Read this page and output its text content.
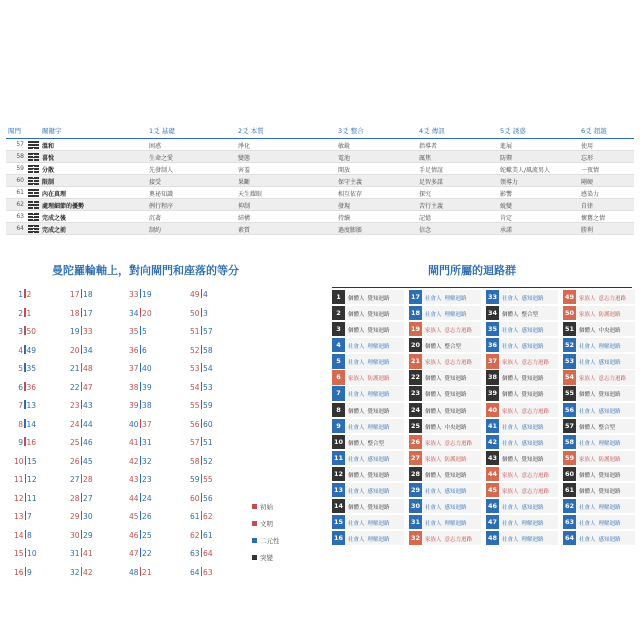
閘門	關鍵字	1爻 基礎	2爻 本質	3爻 整合	4爻 傳訊	5爻 誘惑	6爻 超越
57	溫和	困惑	淨化	敏銳	指導者	進展	使用
58	喜悅	生命之愛	變態	電池	厲焦	防禦	忘形
59	分散	先發制人	害羞	開放	手足情誼	蛇蠍美人/風流男人	一夜情
60	限制	接受	果斷	保守主義	足智多謀	領導力	剛硬
61	內在真理	奧祕知識	天生耀眼	相互依存	探究	影響	感染力
62	處理細節的優勢	例行程序	抑制	發現	苦行主義	蛻變	自律
63	完成之後	沉著	結構	持續	記憶	肯定	懷舊之情
64	完成之前	制約	素質	過度膨脹	信念	承諾	勝利
曼陀羅輪軸上，對向閘門和座落的等分
1 2
2 1
3 50
4 49
5 35
6 36
7 13
8 14
9 16
10 15
11 12
12 11
13 7
14 8
15 10
16 9
17 18
18 17
19 33
20 34
21 48
22 47
23 43
24 44
25 46
26 45
27 28
28 27
29 30
30 29
31 41
32 42
33 19
34 20
35 5
36 6
37 40
38 39
39 38
40 37
41 31
42 32
43 23
44 24
45 26
46 25
47 22
48 21
49 4
50 3
51 57
52 58
53 54
54 53
55 59
56 60
57 51
58 52
59 55
60 56
61 62
62 61
63 64
64 63
初始
文明
二元性
突變
閘門所屬的迴路群
1	個體人 覺知迴路
2	個體人 覺知迴路
3	個體人 覺知迴路
4	社會人 理解迴路
5	社會人 理解迴路
6	家族人 防護迴路
7	社會人 理解迴路
8	個體人 覺知迴路
9	社會人 理解迴路
10 個體人 整合型
11 社會人 感知迴路
12 個體人 覺知迴路
13 社會人 感知迴路
14 個體人 覺知迴路
15 社會人 理解迴路
16 社會人 理解迴路
17 社會人 理解迴路
18 社會人 理解迴路
19 家族人 意志力迴路
20 個體人 整合型
21 家族人 意志力迴路
22 個體人 覺知迴路
23 個體人 覺知迴路
24 個體人 覺知迴路
25 個體人 中央迴路
26 家族人 意志力迴路
27 家族人 防護迴路
28 個體人 覺知迴路
29 社會人 感知迴路
30 社會人 感知迴路
31 社會人 理解迴路
32 家族人 意志力迴路
33 社會人 感知迴路
34 個體人 整合型
35 社會人 感知迴路
36 社會人 感知迴路
37 家族人 意志力迴路
38 個體人 覺知迴路
39 個體人 覺知迴路
40 家族人 意志力迴路
41 社會人 感知迴路
42 社會人 感知迴路
43 個體人 覺知迴路
44 家族人 意志力迴路
45 家族人 意志力迴路
46 社會人 感知迴路
47 社會人 理解迴路
48 社會人 理解迴路
49 家族人 意志力迴路
50 家族人 防護迴路
51 個體人 中央迴路
52 社會人 理解迴路
53 社會人 感知迴路
54 家族人 意志力迴路
55 個體人 覺知迴路
56 社會人 感知迴路
57 個體人 整合型
58 社會人 理解迴路
59 家族人 防護迴路
60 個體人 覺知迴路
61 個體人 覺知迴路
62 社會人 理解迴路
63 社會人 理解迴路
64 社會人 感知迴路
